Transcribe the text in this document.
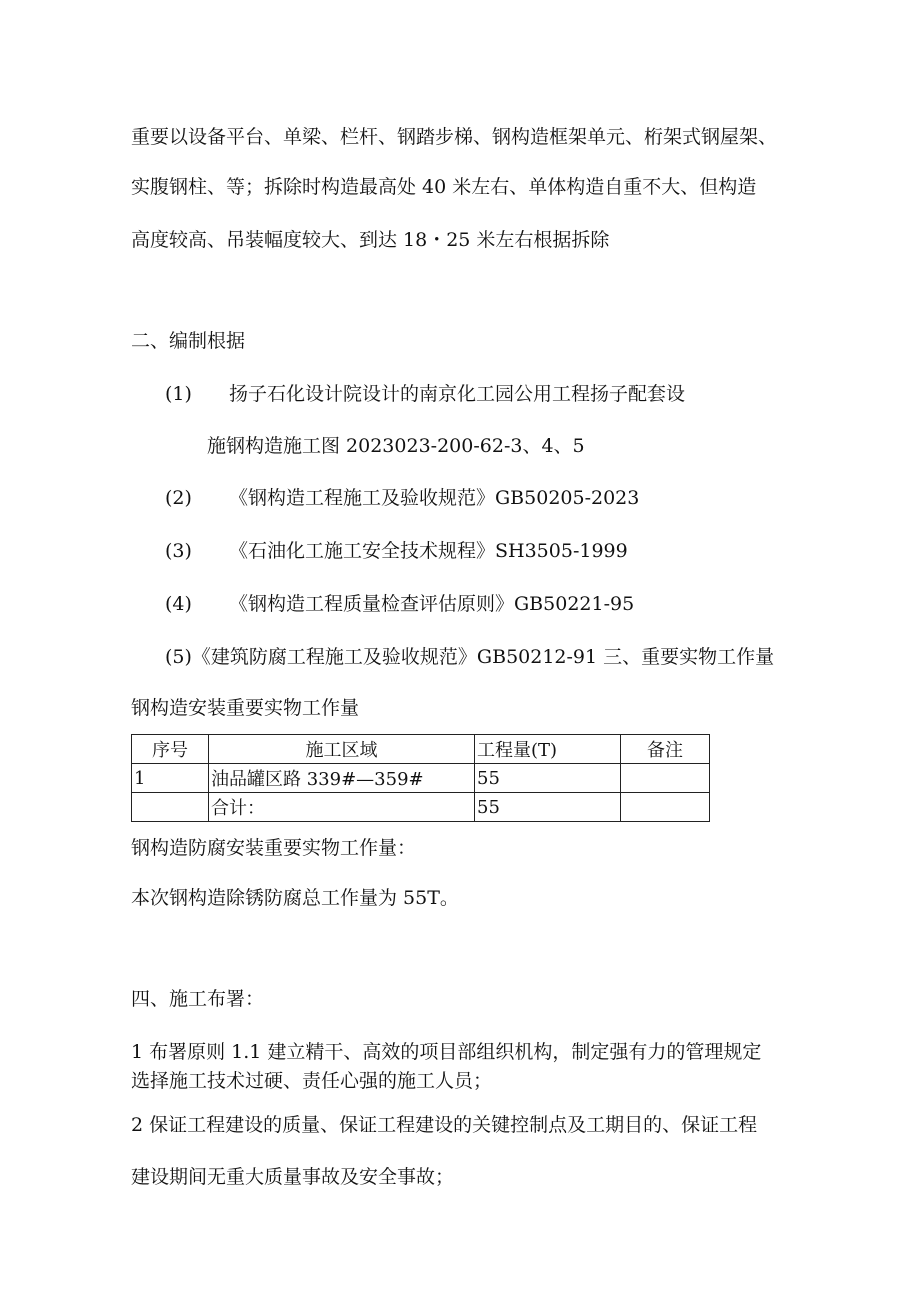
重要以设备平台、单梁、栏杆、钢踏步梯、钢构造框架单元、桁架式钢屋架、
实腹钢柱、等；拆除时构造最高处 40 米左右、单体构造自重不大、但构造
高度较高、吊装幅度较大、到达 18・25 米左右根据拆除
二、编制根据
(1) 扬子石化设计院设计的南京化工园公用工程扬子配套设
施钢构造施工图 2023023-200-62-3、4、5
(2) 《钢构造工程施工及验收规范》GB50205-2023
(3) 《石油化工施工安全技术规程》SH3505-1999
(4) 《钢构造工程质量检查评估原则》GB50221-95
(5)《建筑防腐工程施工及验收规范》GB50212-91 三、重要实物工作量
钢构造安装重要实物工作量
序号	施工区域	工程量(T)	备注
1	油品罐区路 339#—359#	55	
	合计：	55	
钢构造防腐安装重要实物工作量：
本次钢构造除锈防腐总工作量为 55T。
四、施工布署：
1 布署原则 1.1 建立精干、高效的项目部组织机构，制定强有力的管理规定
选择施工技术过硬、责任心强的施工人员；
2 保证工程建设的质量、保证工程建设的关键控制点及工期目的、保证工程
建设期间无重大质量事故及安全事故；
